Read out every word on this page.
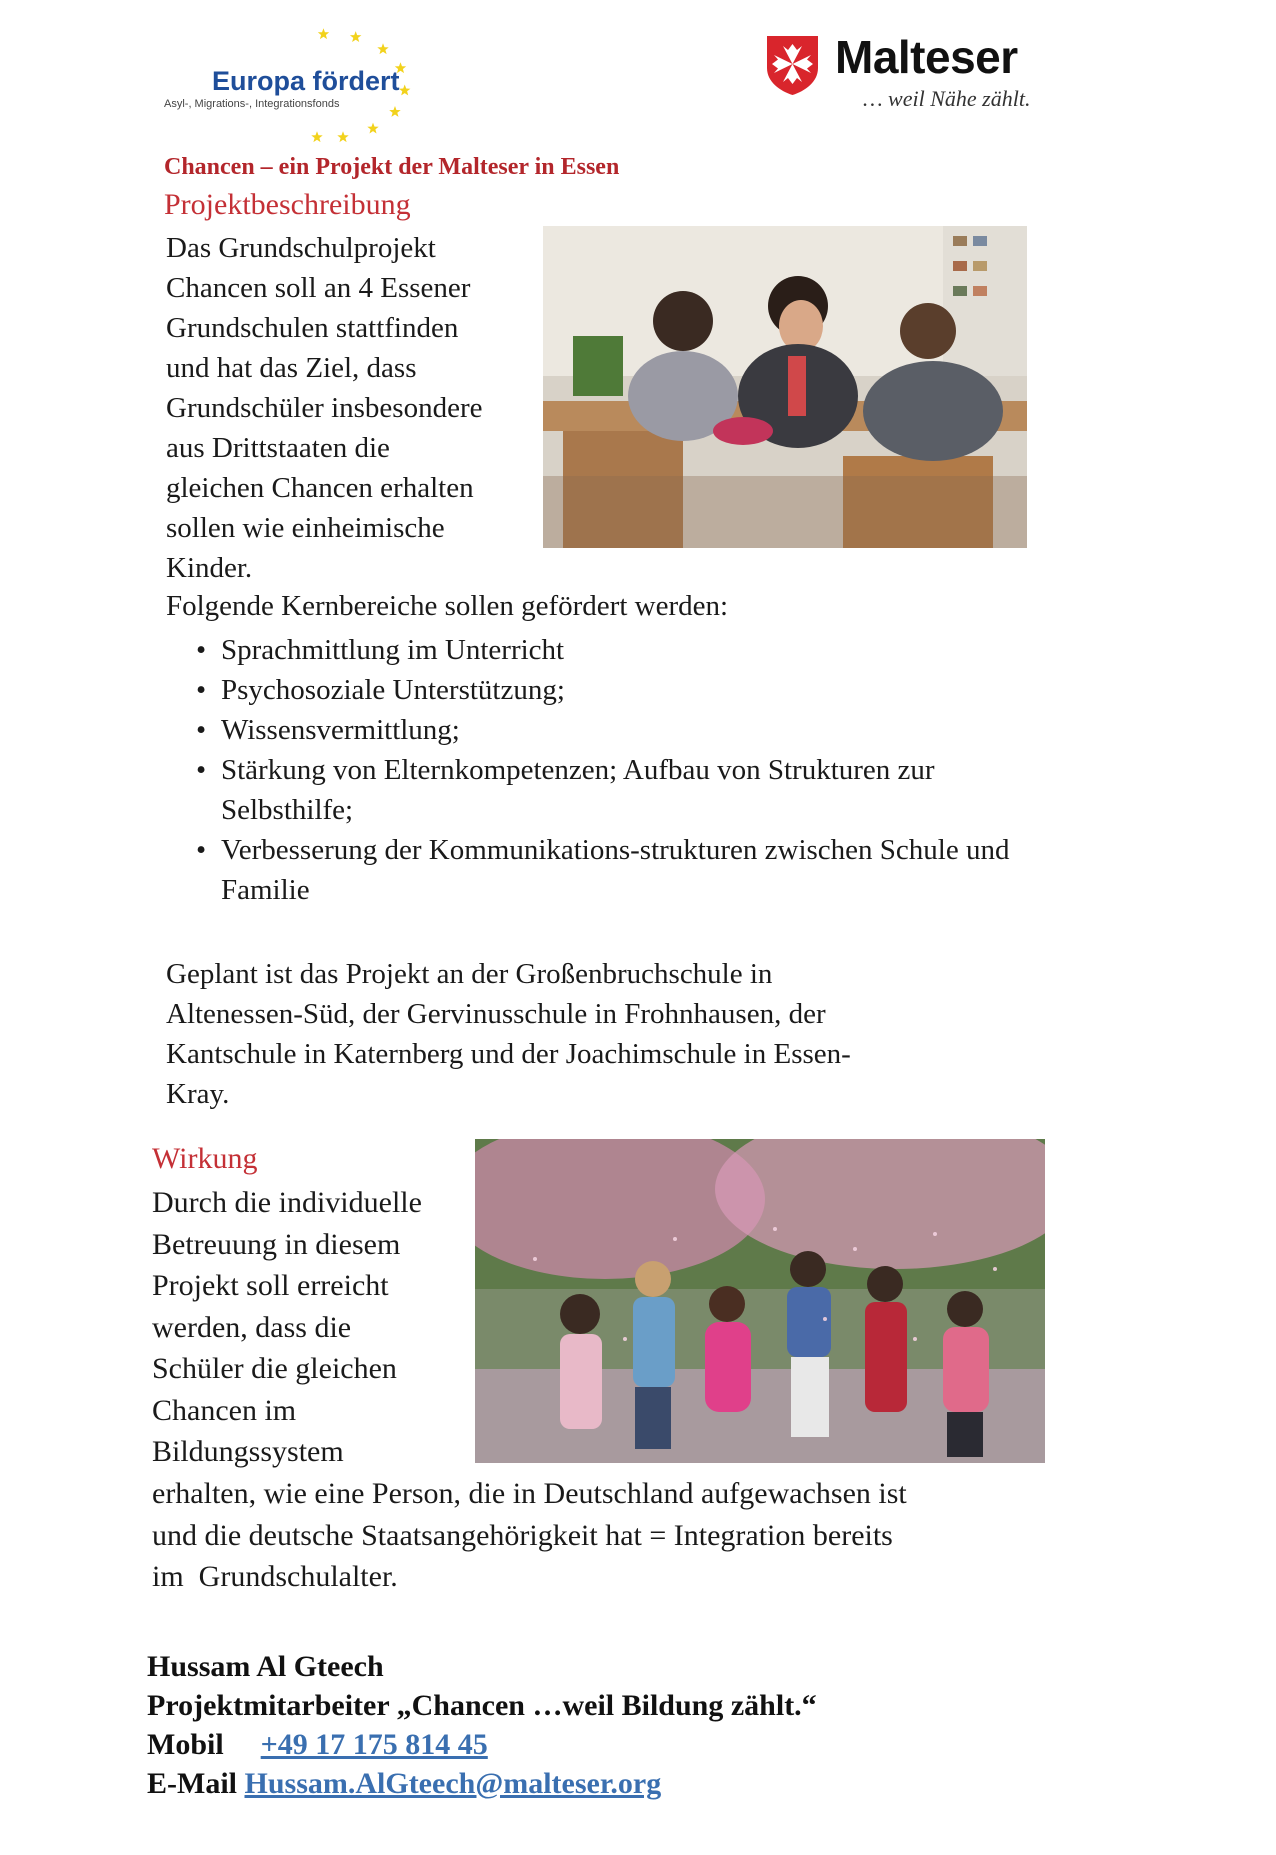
Europa fördert
Asyl-, Migrations-, Integrationsfonds
Malteser
… weil Nähe zählt.
Chancen – ein Projekt der Malteser in Essen
Projektbeschreibung
Das Grundschulprojekt
Chancen soll an 4 Essener
Grundschulen stattfinden
und hat das Ziel, dass
Grundschüler insbesondere
aus Drittstaaten die
gleichen Chancen erhalten
sollen wie einheimische
Kinder.
Folgende Kernbereiche sollen gefördert werden:
• Sprachmittlung im Unterricht
• Psychosoziale Unterstützung;
• Wissensvermittlung;
• Stärkung von Elternkompetenzen; Aufbau von Strukturen zur Selbsthilfe;
• Verbesserung der Kommunikations-strukturen zwischen Schule und Familie
Geplant ist das Projekt an der Großenbruchschule in
Altenessen-Süd, der Gervinusschule in Frohnhausen, der
Kantschule in Katernberg und der Joachimschule in Essen-
Kray.
Wirkung
Durch die individuelle
Betreuung in diesem
Projekt soll erreicht
werden, dass die
Schüler die gleichen
Chancen im
Bildungssystem
erhalten, wie eine Person, die in Deutschland aufgewachsen ist
und die deutsche Staatsangehörigkeit hat = Integration bereits
im  Grundschulalter.
Hussam Al Gteech
Projektmitarbeiter „Chancen …weil Bildung zählt.“
Mobil +49 17 175 814 45
E-Mail Hussam.AlGteech@malteser.org
